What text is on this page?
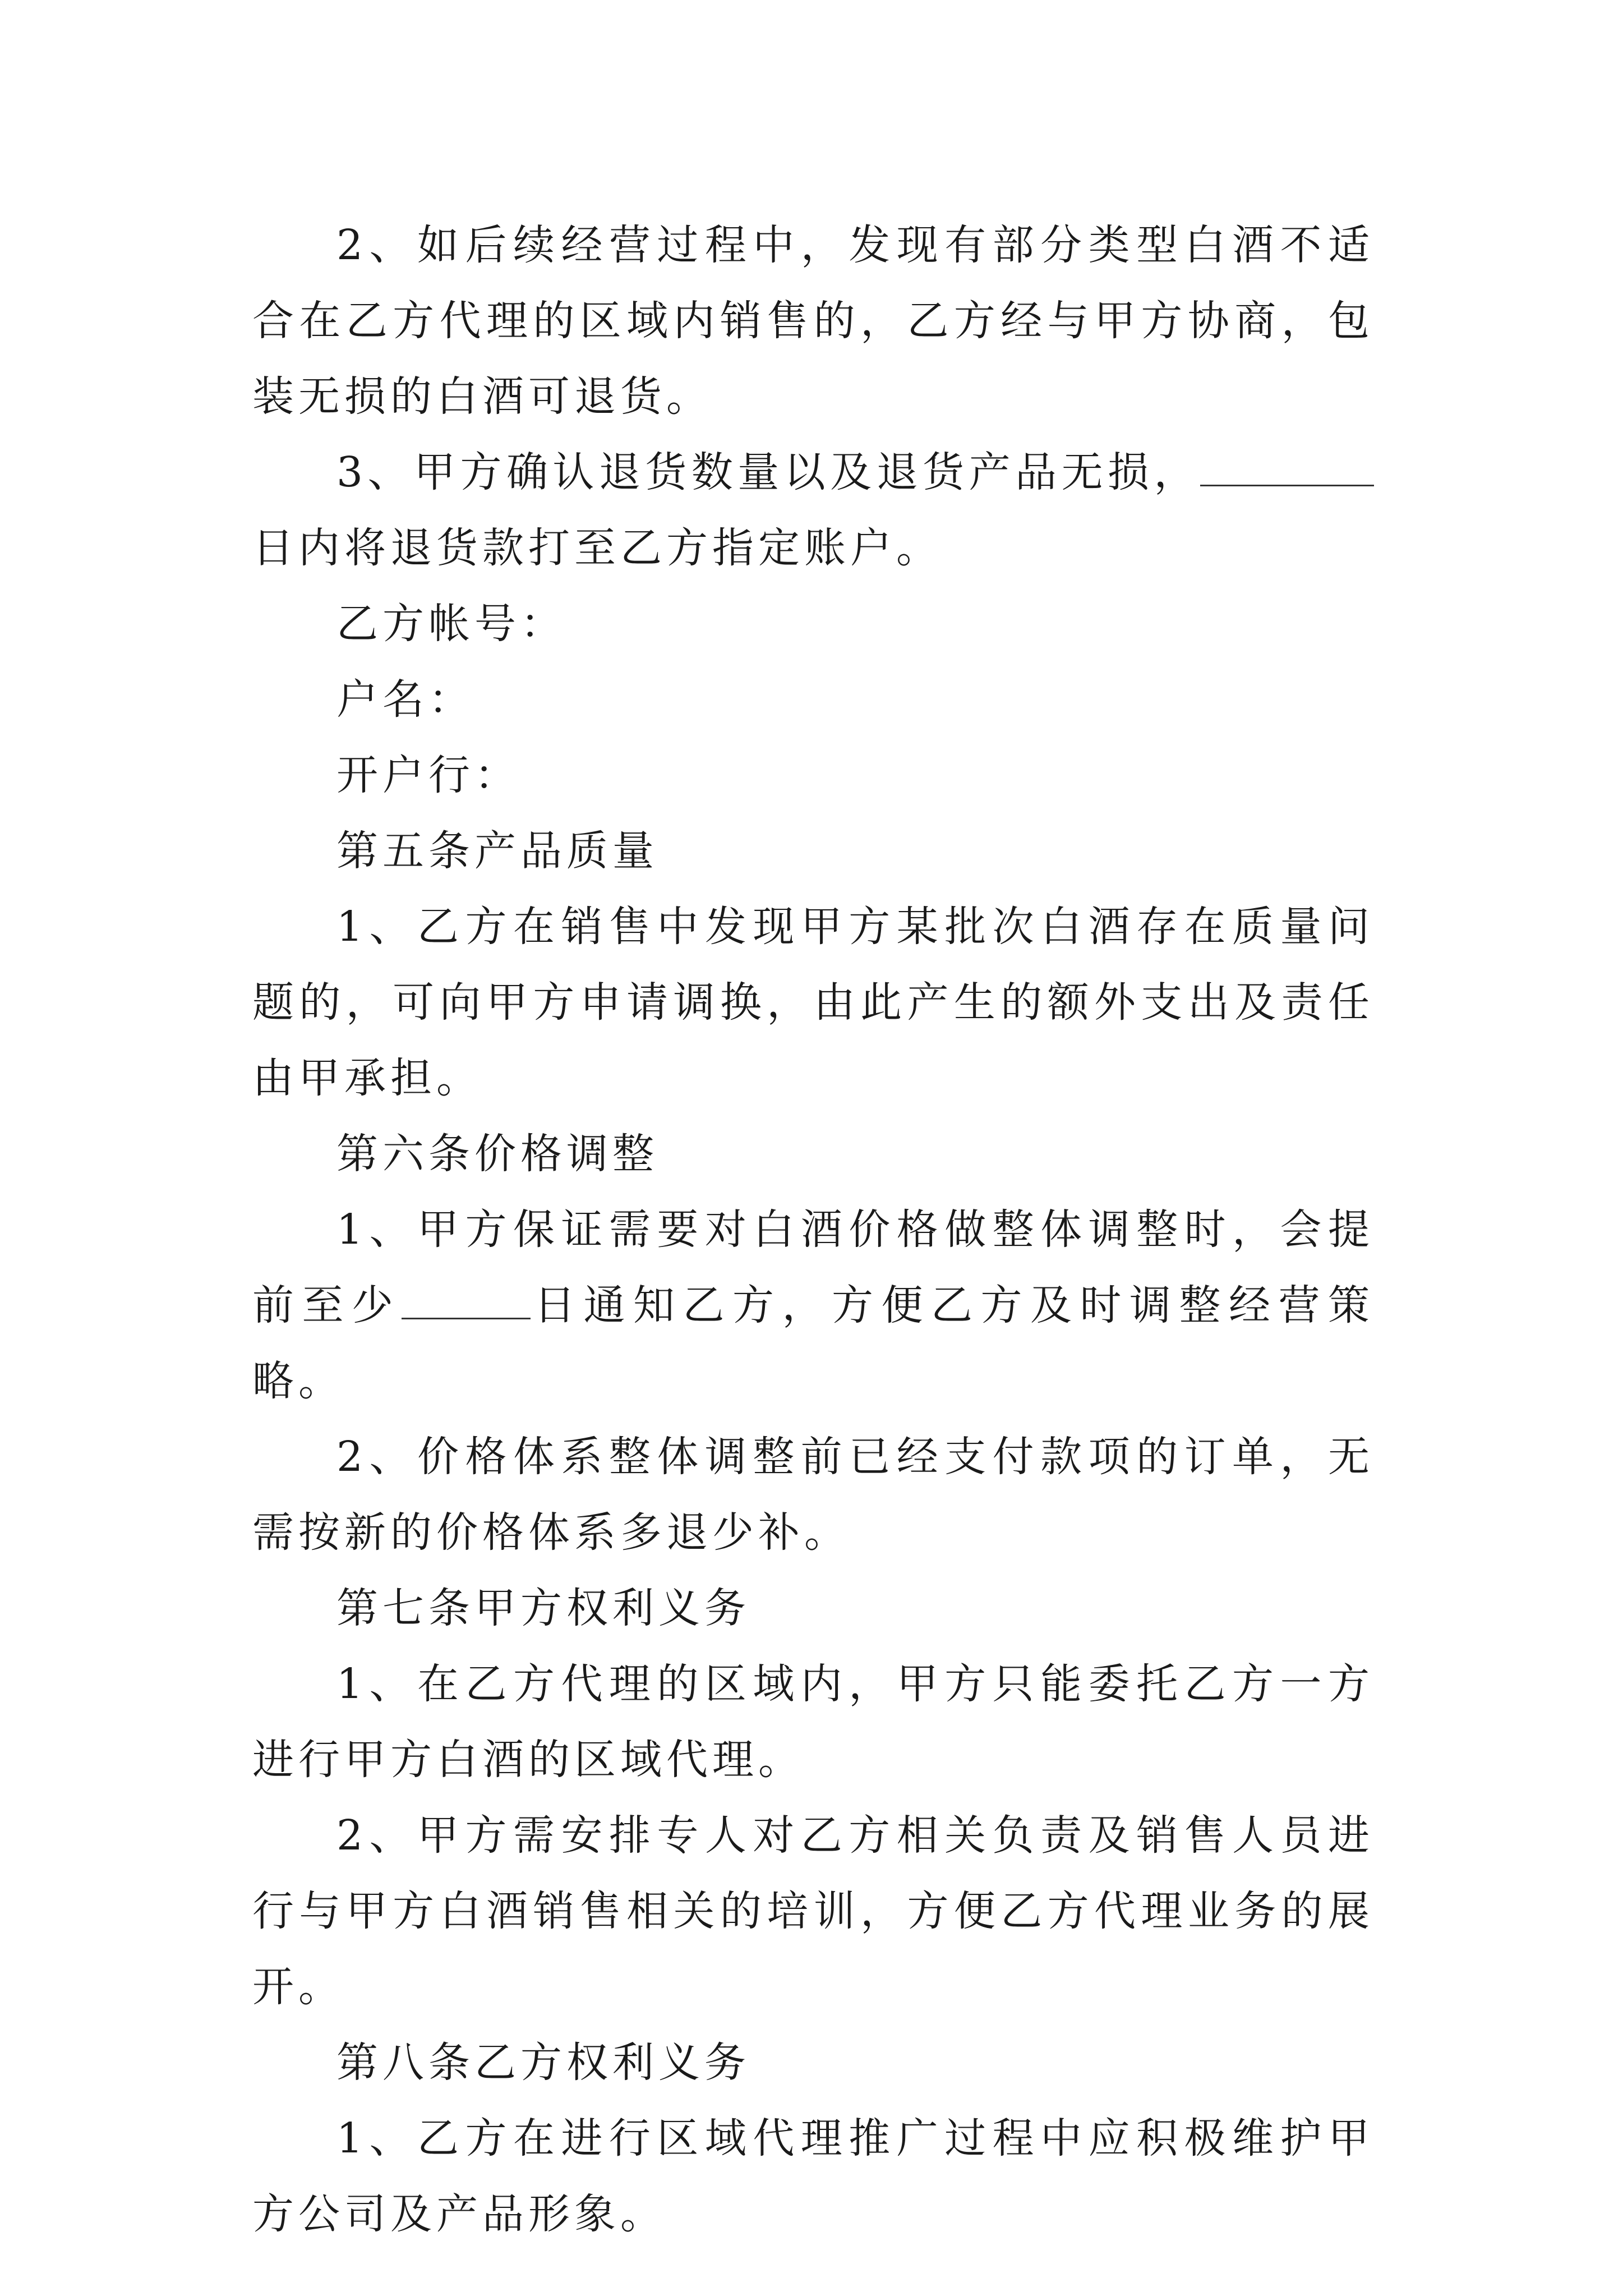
2、如后续经营过程中，发现有部分类型白酒不适合在乙方代理的区域内销售的，乙方经与甲方协商，包装无损的白酒可退货。

3、甲方确认退货数量以及退货产品无损，日内将退货款打至乙方指定账户。

乙方帐号：

户名：

开户行：

第五条产品质量

1、乙方在销售中发现甲方某批次白酒存在质量问题的，可向甲方申请调换，由此产生的额外支出及责任由甲承担。

第六条价格调整

1、甲方保证需要对白酒价格做整体调整时，会提前至少	日通知乙方，方便乙方及时调整经营策略。

2、价格体系整体调整前已经支付款项的订单，无需按新的价格体系多退少补。

第七条甲方权利义务

1、在乙方代理的区域内，甲方只能委托乙方一方进行甲方白酒的区域代理。

2、甲方需安排专人对乙方相关负责及销售人员进行与甲方白酒销售相关的培训，方便乙方代理业务的展开。

第八条乙方权利义务

1、乙方在进行区域代理推广过程中应积极维护甲方公司及产品形象。
